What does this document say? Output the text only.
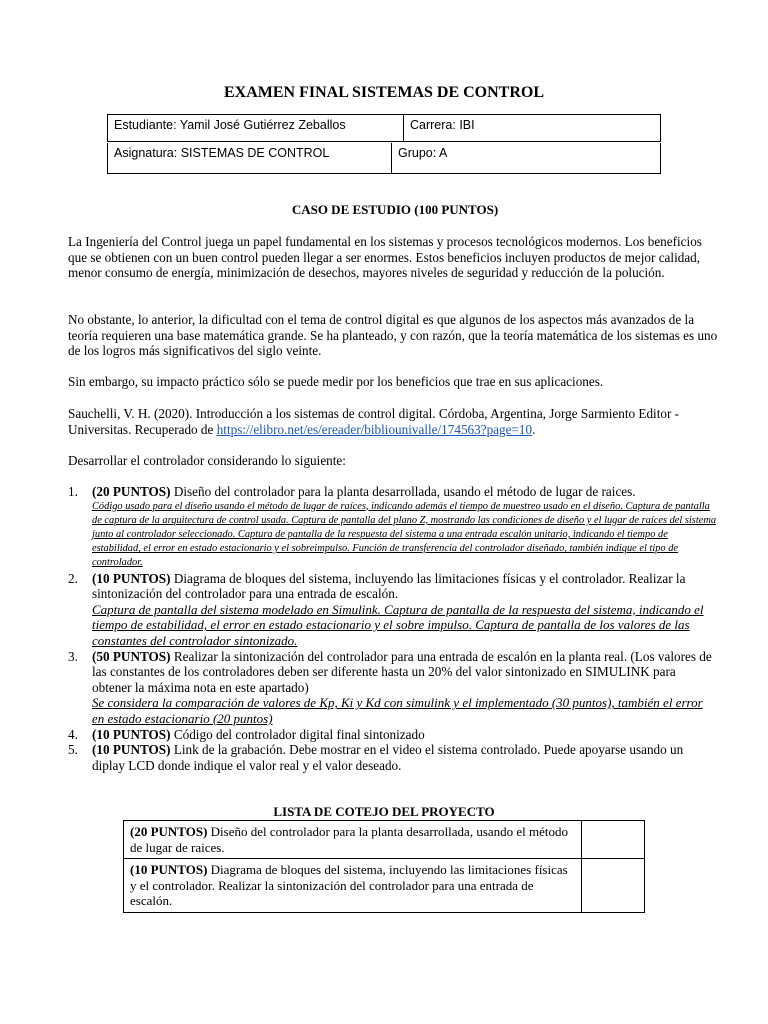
EXAMEN FINAL SISTEMAS DE CONTROL
Estudiante: Yamil José Gutiérrez Zeballos	Carrera: IBI
Asignatura: SISTEMAS DE CONTROL	Grupo: A
CASO DE ESTUDIO (100 PUNTOS)
La Ingeniería del Control juega un papel fundamental en los sistemas y procesos tecnológicos modernos. Los beneficios que se obtienen con un buen control pueden llegar a ser enormes. Estos beneficios incluyen productos de mejor calidad, menor consumo de energía, minimización de desechos, mayores niveles de seguridad y reducción de la polución.
No obstante, lo anterior, la dificultad con el tema de control digital es que algunos de los aspectos más avanzados de la teoría requieren una base matemática grande. Se ha planteado, y con razón, que la teoría matemática de los sistemas es uno de los logros más significativos del siglo veinte.
Sin embargo, su impacto práctico sólo se puede medir por los beneficios que trae en sus aplicaciones.
Sauchelli, V. H. (2020). Introducción a los sistemas de control digital. Córdoba, Argentina, Jorge Sarmiento Editor - Universitas. Recuperado de https://elibro.net/es/ereader/bibliounivalle/174563?page=10.
Desarrollar el controlador considerando lo siguiente:
1. (20 PUNTOS) Diseño del controlador para la planta desarrollada, usando el método de lugar de raices.
Código usado para el diseño usando el método de lugar de raíces, indicando además el tiempo de muestreo usado en el diseño. Captura de pantalla de captura de la arquitectura de control usada. Captura de pantalla del plano Z, mostrando las condiciones de diseño y el lugar de raíces del sistema junto al controlador seleccionado. Captura de pantalla de la respuesta del sistema a una entrada escalón unitario, indicando el tiempo de estabilidad, el error en estado estacionario y el sobreimpulso. Función de transferencia del controlador diseñado, también indique el tipo de controlador.
2. (10 PUNTOS) Diagrama de bloques del sistema, incluyendo las limitaciones físicas y el controlador. Realizar la sintonización del controlador para una entrada de escalón.
Captura de pantalla del sistema modelado en Simulink. Captura de pantalla de la respuesta del sistema, indicando el tiempo de estabilidad, el error en estado estacionario y el sobre impulso. Captura de pantalla de los valores de las constantes del controlador sintonizado.
3. (50 PUNTOS) Realizar la sintonización del controlador para una entrada de escalón en la planta real. (Los valores de las constantes de los controladores deben ser diferente hasta un 20% del valor sintonizado en SIMULINK para obtener la máxima nota en este apartado)
Se considera la comparación de valores de Kp, Ki y Kd con simulink y el implementado (30 puntos), también el error en estado estacionario (20 puntos)
4. (10 PUNTOS) Código del controlador digital final sintonizado
5. (10 PUNTOS) Link de la grabación. Debe mostrar en el video el sistema controlado. Puede apoyarse usando un diplay LCD donde indique el valor real y el valor deseado.
LISTA DE COTEJO DEL PROYECTO
(20 PUNTOS) Diseño del controlador para la planta desarrollada, usando el método de lugar de raices.	
(10 PUNTOS) Diagrama de bloques del sistema, incluyendo las limitaciones físicas y el controlador. Realizar la sintonización del controlador para una entrada de escalón.	
